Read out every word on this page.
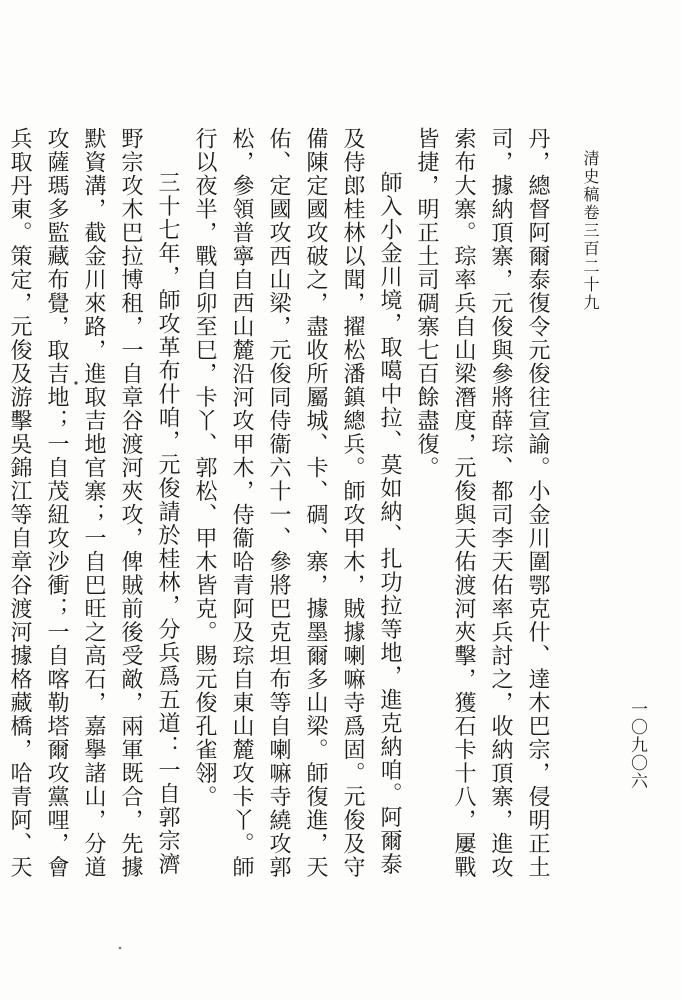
清史稿卷三百二十九
一〇九〇六

丹，總督阿爾泰復令元俊往宣諭。小金川圍鄂克什、達木巴宗，侵明正土司，據納頂寨，元俊與參將薛琮、都司李天佑率兵討之，收納頂寨，進攻索布大寨。琮率兵自山梁潛度，元俊與天佑渡河夾擊，獲石卡十八，屢戰皆捷，明正土司碉寨七百餘盡復。

師入小金川境，取噶中拉、莫如納、扎功拉等地，進克納咱。阿爾泰及侍郎桂林以聞，擢松潘鎮總兵。師攻甲木，賊據喇嘛寺爲固。元俊及守備陳定國攻破之，盡收所屬城、卡、碉、寨，據墨爾多山梁。師復進，天佑、定國攻西山梁，元俊同侍衞六十一、參將巴克坦布等自喇嘛寺繞攻郭松，參領普寧自西山麓沿河攻甲木，侍衞哈青阿及琮自東山麓攻卡丫。師行以夜半，戰自卯至巳，卡丫、郭松、甲木皆克。賜元俊孔雀翎。

三十七年，師攻革布什咱，元俊請於桂林，分兵爲五道：一自郭宗濟野宗攻木巴拉博租，一自章谷渡河夾攻，俾賊前後受敵，兩軍既合，先據默資溝，截金川來路，進取吉地官寨；一自巴旺之高石，嘉擧諸山，分道攻薩瑪多監藏布覺，取吉地；一自茂紐攻沙衝；一自喀勒塔爾攻黨哩，會兵取丹東。策定，元俊及游擊吳錦江等自章谷渡河據格藏橋，哈青阿、天
